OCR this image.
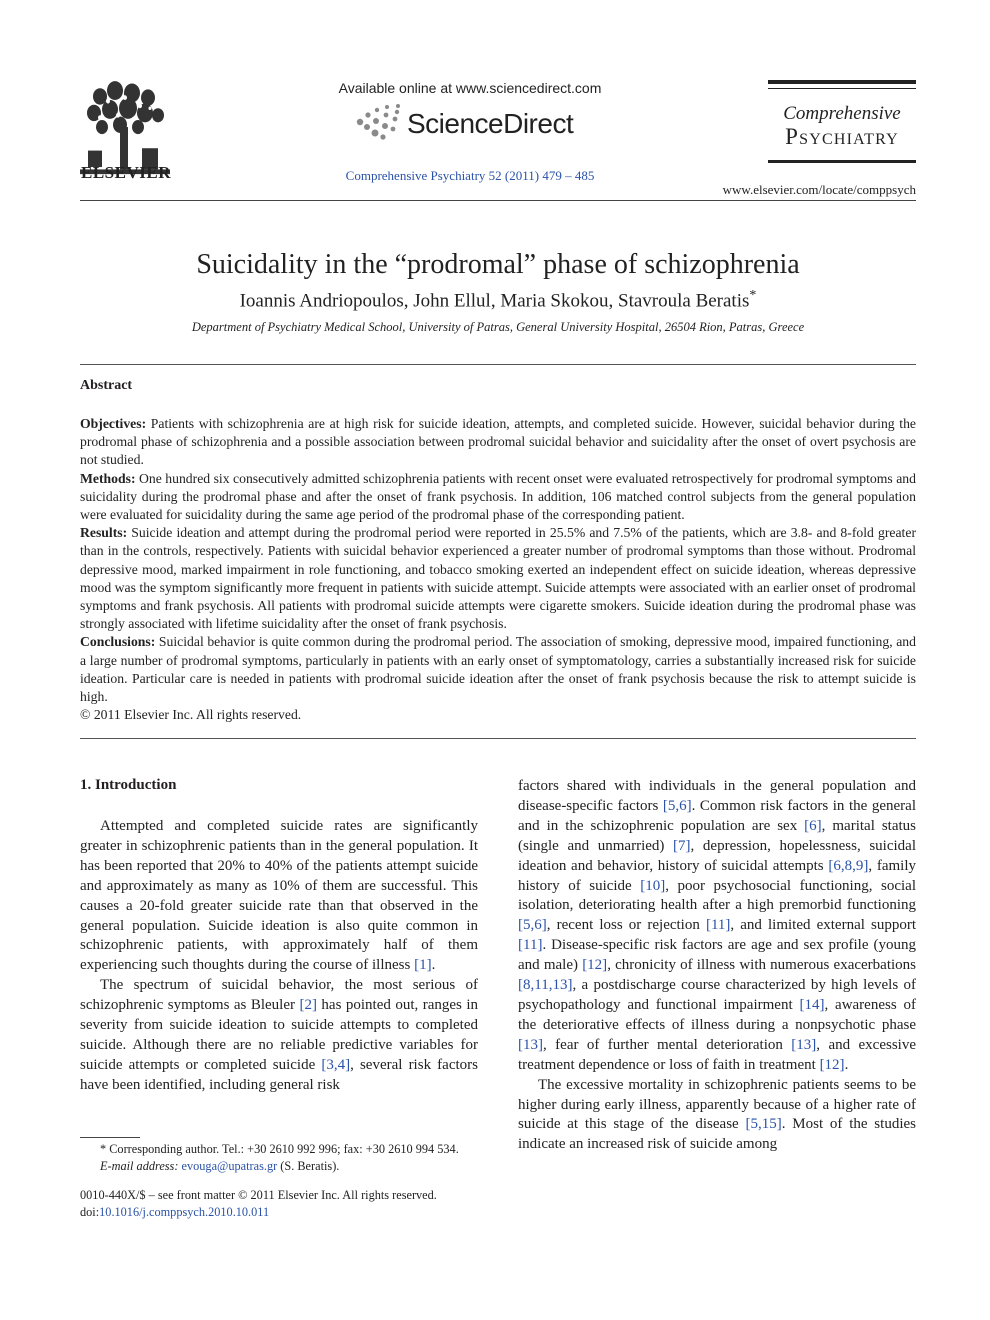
ELSEVIER
Available online at www.sciencedirect.com
ScienceDirect
Comprehensive Psychiatry 52 (2011) 479 – 485
Comprehensive
Psychiatry
www.elsevier.com/locate/comppsych
Suicidality in the “prodromal” phase of schizophrenia
Ioannis Andriopoulos, John Ellul, Maria Skokou, Stavroula Beratis*
Department of Psychiatry Medical School, University of Patras, General University Hospital, 26504 Rion, Patras, Greece
Abstract

Objectives: Patients with schizophrenia are at high risk for suicide ideation, attempts, and completed suicide. However, suicidal behavior during the prodromal phase of schizophrenia and a possible association between prodromal suicidal behavior and suicidality after the onset of overt psychosis are not studied.

Methods: One hundred six consecutively admitted schizophrenia patients with recent onset were evaluated retrospectively for prodromal symptoms and suicidality during the prodromal phase and after the onset of frank psychosis. In addition, 106 matched control subjects from the general population were evaluated for suicidality during the same age period of the prodromal phase of the corresponding patient.

Results: Suicide ideation and attempt during the prodromal period were reported in 25.5% and 7.5% of the patients, which are 3.8- and 8-fold greater than in the controls, respectively. Patients with suicidal behavior experienced a greater number of prodromal symptoms than those without. Prodromal depressive mood, marked impairment in role functioning, and tobacco smoking exerted an independent effect on suicide ideation, whereas depressive mood was the symptom significantly more frequent in patients with suicide attempt. Suicide attempts were associated with an earlier onset of prodromal symptoms and frank psychosis. All patients with prodromal suicide attempts were cigarette smokers. Suicide ideation during the prodromal phase was strongly associated with lifetime suicidality after the onset of frank psychosis.

Conclusions: Suicidal behavior is quite common during the prodromal period. The association of smoking, depressive mood, impaired functioning, and a large number of prodromal symptoms, particularly in patients with an early onset of symptomatology, carries a substantially increased risk for suicide ideation. Particular care is needed in patients with prodromal suicide ideation after the onset of frank psychosis because the risk to attempt suicide is high.

© 2011 Elsevier Inc. All rights reserved.

1. Introduction

Attempted and completed suicide rates are significantly greater in schizophrenic patients than in the general population. It has been reported that 20% to 40% of the patients attempt suicide and approximately as many as 10% of them are successful. This causes a 20-fold greater suicide rate than that observed in the general population. Suicide ideation is also quite common in schizophrenic patients, with approximately half of them experiencing such thoughts during the course of illness [1].

The spectrum of suicidal behavior, the most serious of schizophrenic symptoms as Bleuler [2] has pointed out, ranges in severity from suicide ideation to suicide attempts to completed suicide. Although there are no reliable predictive variables for suicide attempts or completed suicide [3,4], several risk factors have been identified, including general risk

factors shared with individuals in the general population and disease-specific factors [5,6]. Common risk factors in the general and in the schizophrenic population are sex [6], marital status (single and unmarried) [7], depression, hopelessness, suicidal ideation and behavior, history of suicidal attempts [6,8,9], family history of suicide [10], poor psychosocial functioning, social isolation, deteriorating health after a high premorbid functioning [5,6], recent loss or rejection [11], and limited external support [11]. Disease-specific risk factors are age and sex profile (young and male) [12], chronicity of illness with numerous exacerbations [8,11,13], a postdischarge course characterized by high levels of psychopathology and functional impairment [14], awareness of the deteriorative effects of illness during a nonpsychotic phase [13], fear of further mental deterioration [13], and excessive treatment dependence or loss of faith in treatment [12].

The excessive mortality in schizophrenic patients seems to be higher during early illness, apparently because of a higher rate of suicide at this stage of the disease [5,15]. Most of the studies indicate an increased risk of suicide among

* Corresponding author. Tel.: +30 2610 992 996; fax: +30 2610 994 534.

E-mail address: evouga@upatras.gr (S. Beratis).

0010-440X/$ – see front matter © 2011 Elsevier Inc. All rights reserved.

doi:10.1016/j.comppsych.2010.10.011
